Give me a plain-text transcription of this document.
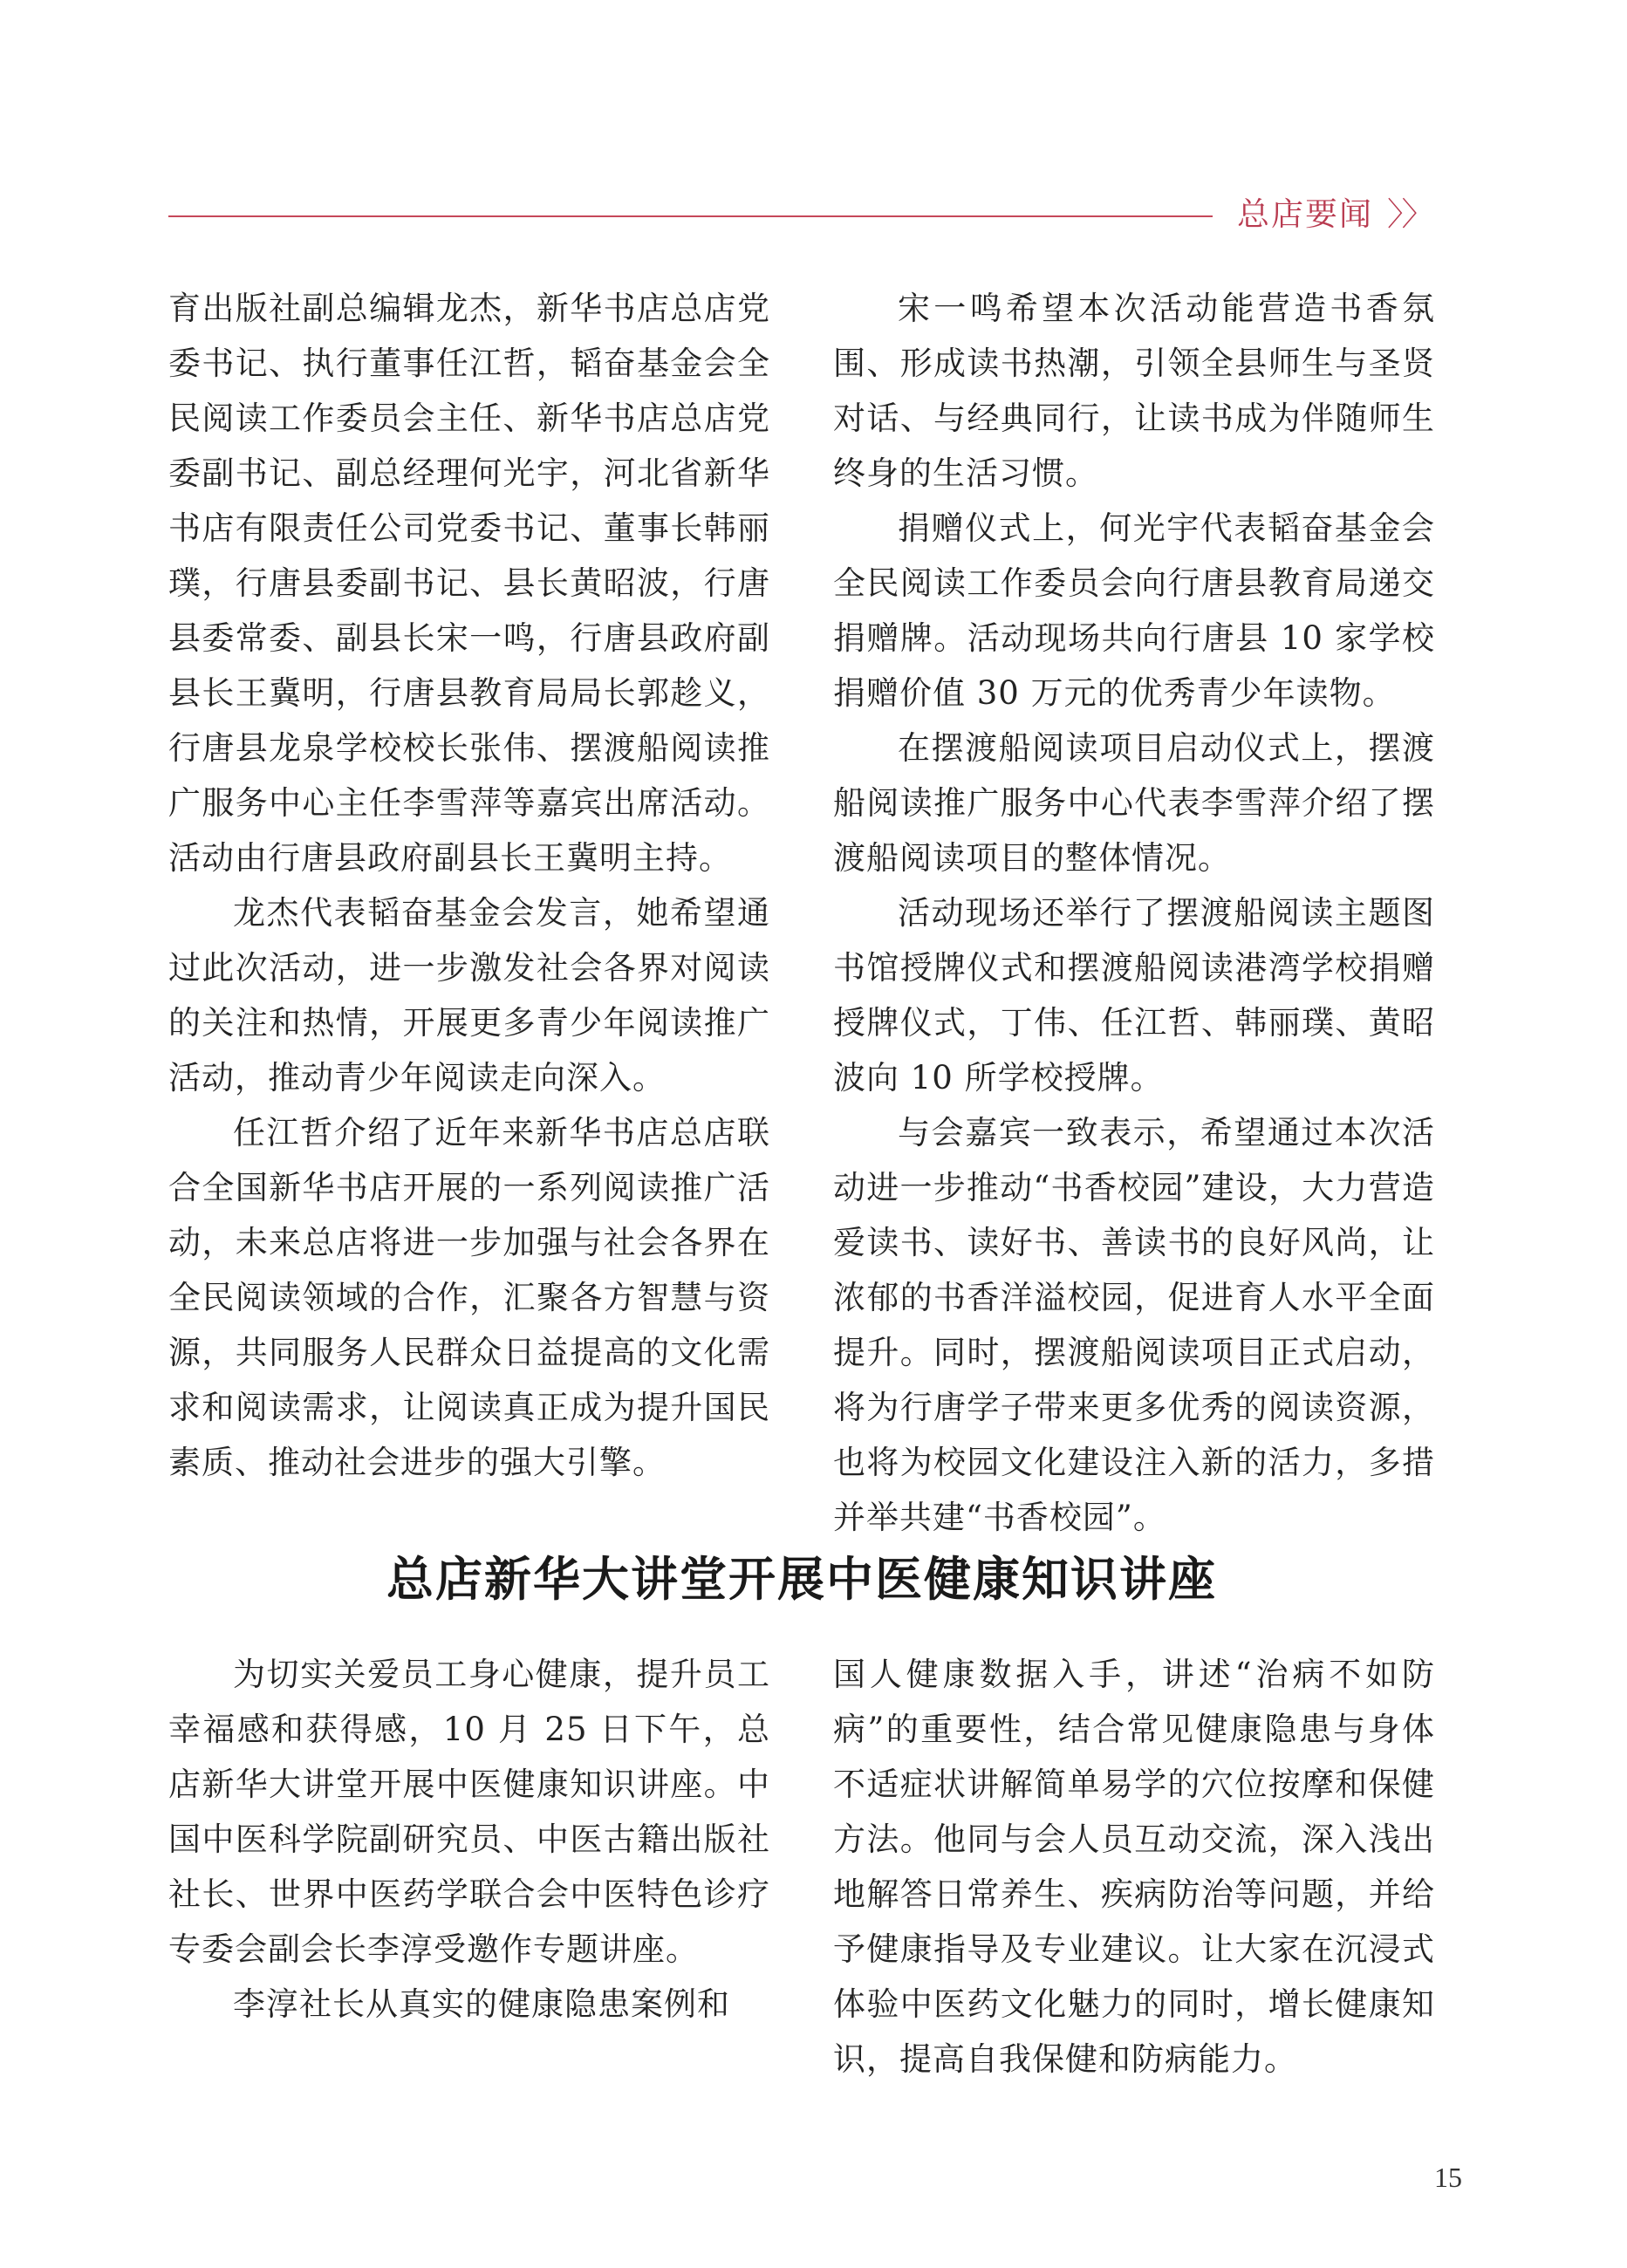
总店要闻 〉〉

育出版社副总编辑龙杰，新华书店总店党委书记、执行董事任江哲，韬奋基金会全民阅读工作委员会主任、新华书店总店党委副书记、副总经理何光宇，河北省新华书店有限责任公司党委书记、董事长韩丽璞，行唐县委副书记、县长黄昭波，行唐县委常委、副县长宋一鸣，行唐县政府副县长王冀明，行唐县教育局局长郭趁义，行唐县龙泉学校校长张伟、摆渡船阅读推广服务中心主任李雪萍等嘉宾出席活动。活动由行唐县政府副县长王冀明主持。

龙杰代表韬奋基金会发言，她希望通过此次活动，进一步激发社会各界对阅读的关注和热情，开展更多青少年阅读推广活动，推动青少年阅读走向深入。

任江哲介绍了近年来新华书店总店联合全国新华书店开展的一系列阅读推广活动，未来总店将进一步加强与社会各界在全民阅读领域的合作，汇聚各方智慧与资源，共同服务人民群众日益提高的文化需求和阅读需求，让阅读真正成为提升国民素质、推动社会进步的强大引擎。

宋一鸣希望本次活动能营造书香氛围、形成读书热潮，引领全县师生与圣贤对话、与经典同行，让读书成为伴随师生终身的生活习惯。

捐赠仪式上，何光宇代表韬奋基金会全民阅读工作委员会向行唐县教育局递交捐赠牌。活动现场共向行唐县 10 家学校捐赠价值 30 万元的优秀青少年读物。

在摆渡船阅读项目启动仪式上，摆渡船阅读推广服务中心代表李雪萍介绍了摆渡船阅读项目的整体情况。

活动现场还举行了摆渡船阅读主题图书馆授牌仪式和摆渡船阅读港湾学校捐赠授牌仪式，丁伟、任江哲、韩丽璞、黄昭波向 10 所学校授牌。

与会嘉宾一致表示，希望通过本次活动进一步推动“书香校园”建设，大力营造爱读书、读好书、善读书的良好风尚，让浓郁的书香洋溢校园，促进育人水平全面提升。同时，摆渡船阅读项目正式启动，将为行唐学子带来更多优秀的阅读资源，也将为校园文化建设注入新的活力，多措并举共建“书香校园”。

总店新华大讲堂开展中医健康知识讲座

为切实关爱员工身心健康，提升员工幸福感和获得感，10 月 25 日下午，总店新华大讲堂开展中医健康知识讲座。中国中医科学院副研究员、中医古籍出版社社长、世界中医药学联合会中医特色诊疗专委会副会长李淳受邀作专题讲座。

李淳社长从真实的健康隐患案例和

国人健康数据入手，讲述“治病不如防病”的重要性，结合常见健康隐患与身体不适症状讲解简单易学的穴位按摩和保健方法。他同与会人员互动交流，深入浅出地解答日常养生、疾病防治等问题，并给予健康指导及专业建议。让大家在沉浸式体验中医药文化魅力的同时，增长健康知识，提高自我保健和防病能力。

15
